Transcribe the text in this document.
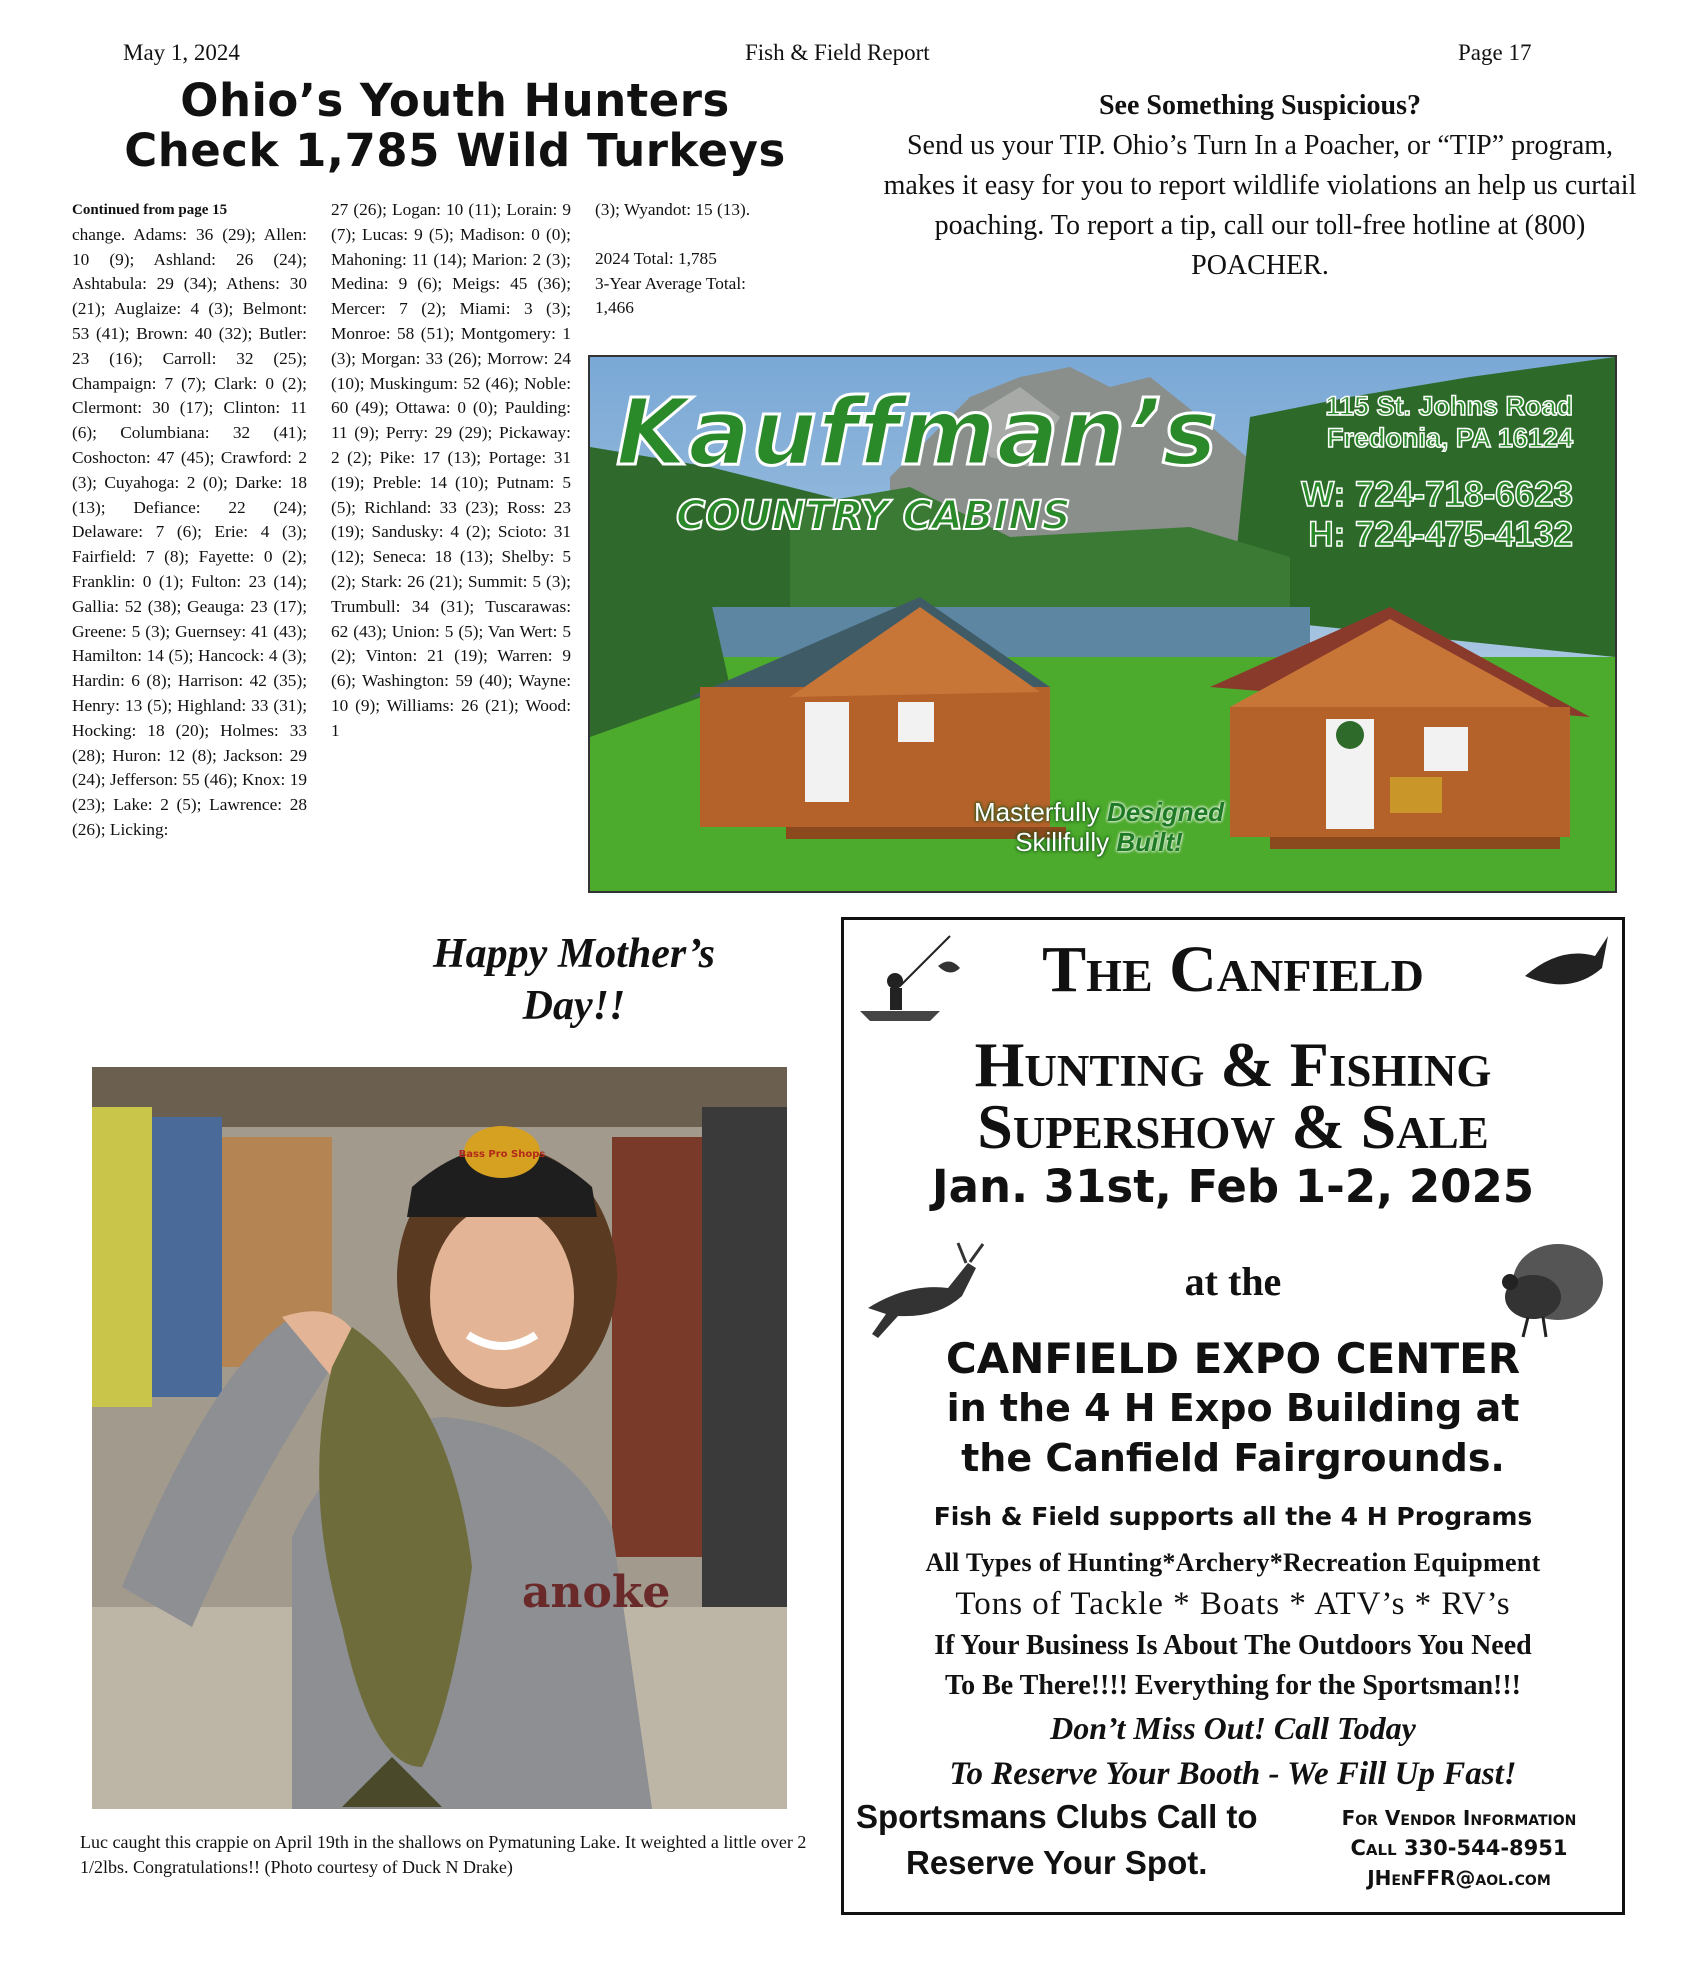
May 1, 2024	Fish & Field Report	Page 17
Ohio’s Youth Hunters
Check 1,785 Wild Turkeys
Continued from page 15
change. Adams: 36 (29); Allen: 10 (9); Ashland: 26 (24); Ashtabula: 29 (34); Athens: 30 (21); Auglaize: 4 (3); Belmont: 53 (41); Brown: 40 (32); Butler: 23 (16); Carroll: 32 (25); Champaign: 7 (7); Clark: 0 (2); Clermont: 30 (17); Clinton: 11 (6); Columbiana: 32 (41); Coshocton: 47 (45); Crawford: 2 (3); Cuyahoga: 2 (0); Darke: 18 (13); Defiance: 22 (24); Delaware: 7 (6); Erie: 4 (3); Fairfield: 7 (8); Fayette: 0 (2); Franklin: 0 (1); Fulton: 23 (14); Gallia: 52 (38); Geauga: 23 (17); Greene: 5 (3); Guernsey: 41 (43); Hamilton: 14 (5); Hancock: 4 (3); Hardin: 6 (8); Harrison: 42 (35); Henry: 13 (5); Highland: 33 (31); Hocking: 18 (20); Holmes: 33 (28); Huron: 12 (8); Jackson: 29 (24); Jefferson: 55 (46); Knox: 19 (23); Lake: 2 (5); Lawrence: 28 (26); Licking:
27 (26); Logan: 10 (11); Lorain: 9 (7); Lucas: 9 (5); Madison: 0 (0); Mahoning: 11 (14); Marion: 2 (3); Medina: 9 (6); Meigs: 45 (36); Mercer: 7 (2); Miami: 3 (3); Monroe: 58 (51); Montgomery: 1 (3); Morgan: 33 (26); Morrow: 24 (10); Muskingum: 52 (46); Noble: 60 (49); Ottawa: 0 (0); Paulding: 11 (9); Perry: 29 (29); Pickaway: 2 (2); Pike: 17 (13); Portage: 31 (19); Preble: 14 (10); Putnam: 5 (5); Richland: 33 (23); Ross: 23 (19); Sandusky: 4 (2); Scioto: 31 (12); Seneca: 18 (13); Shelby: 5 (2); Stark: 26 (21); Summit: 5 (3); Trumbull: 34 (31); Tuscarawas: 62 (43); Union: 5 (5); Van Wert: 5 (2); Vinton: 21 (19); Warren: 9 (6); Washington: 59 (40); Wayne: 10 (9); Williams: 26 (21); Wood: 1
(3); Wyandot: 15 (13).

2024 Total: 1,785

3-Year Average Total:

1,466

See Something Suspicious?
Send us your TIP. Ohio’s Turn In a Poacher, or “TIP” program, makes it easy for you to report wildlife violations an help us curtail poaching. To report a tip, call our toll-free hotline at (800) POACHER.
Kauffman’s
COUNTRY CABINS
115 St. Johns Road
Fredonia, PA 16124
W: 724-718-6623
H: 724-475-4132
Masterfully Designed
Skillfully Built!
Happy Mother’s
Day!!
anoke
Bass Pro Shops
Luc caught this crappie on April 19th in the shallows on Pymatuning Lake. It weighted a little over 2 1/2lbs. Congratulations!! (Photo courtesy of Duck N Drake)
The Canfield
Hunting & Fishing
Supershow & Sale
Jan. 31st, Feb 1-2, 2025
at the
CANFIELD EXPO CENTER
in the 4 H Expo Building at
the Canfield Fairgrounds.
Fish & Field supports all the 4 H Programs
All Types of Hunting*Archery*Recreation Equipment
Tons of Tackle * Boats * ATV’s * RV’s
If Your Business Is About The Outdoors You Need
To Be There!!!! Everything for the Sportsman!!!
Don’t Miss Out! Call Today
To Reserve Your Booth - We Fill Up Fast!
Sportsmans Clubs Call to
Reserve Your Spot.
For Vendor Information
Call 330-544-8951
JHenFFR@aol.com
